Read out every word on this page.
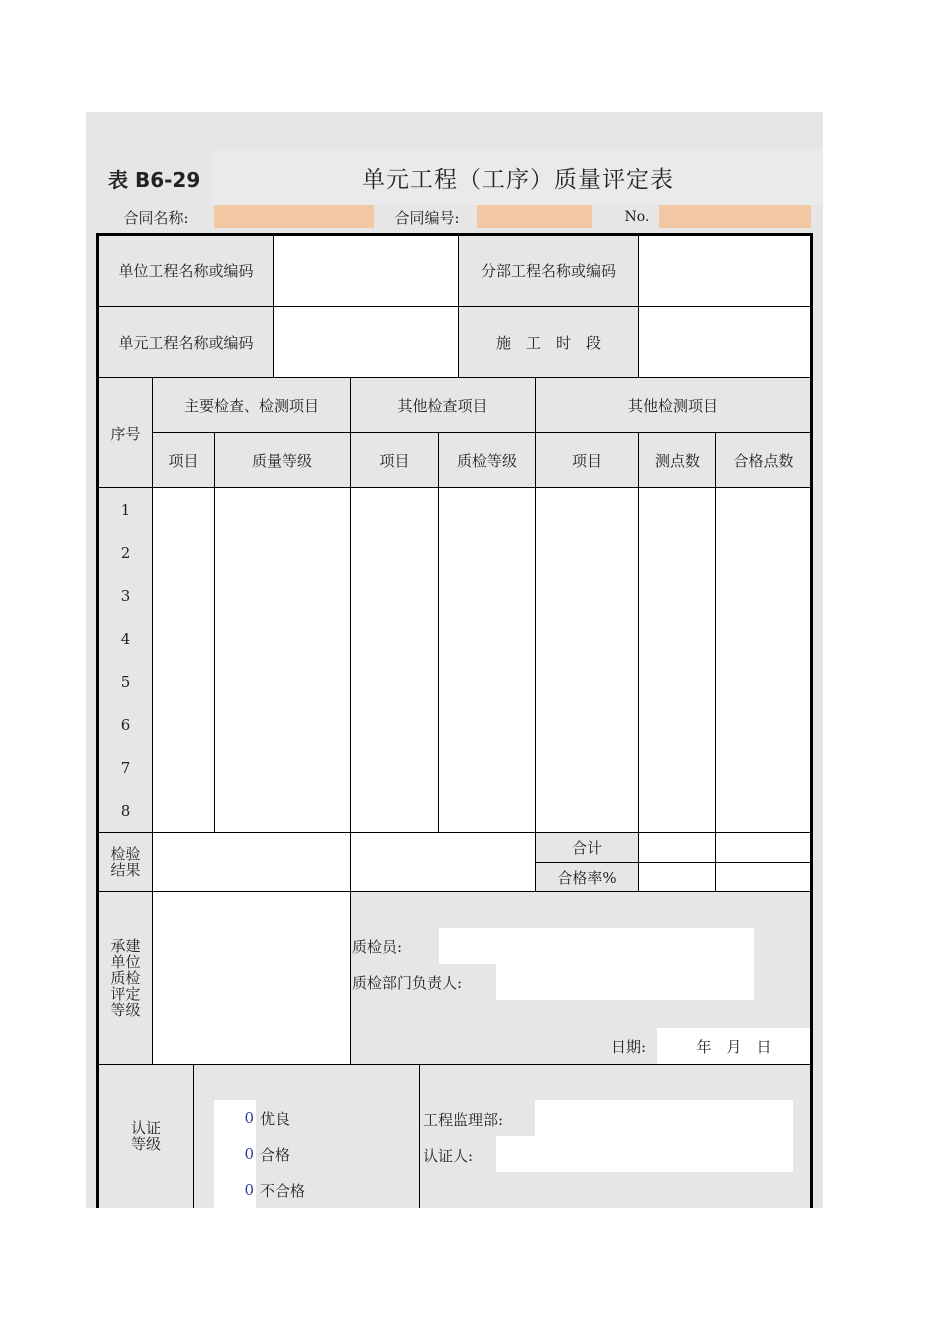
表 B6-29	单元工程（工序）质量评定表
合同名称:	合同编号:	No.
单位工程名称或编码	分部工程名称或编码
单元工程名称或编码	施　工　时　段
序号
主要检查、检测项目	其他检查项目	其他检测项目
项目	质量等级	项目	质检等级	项目	测点数	合格点数
1
2
3
4
5
6
7
8
检验
结果
合计
合格率%
承建
单位
质检
评定
等级
质检员:
质检部门负责人:
日期:	年　月　日
认证
等级
0 优良
0 合格
0 不合格
工程监理部:
认证人:
